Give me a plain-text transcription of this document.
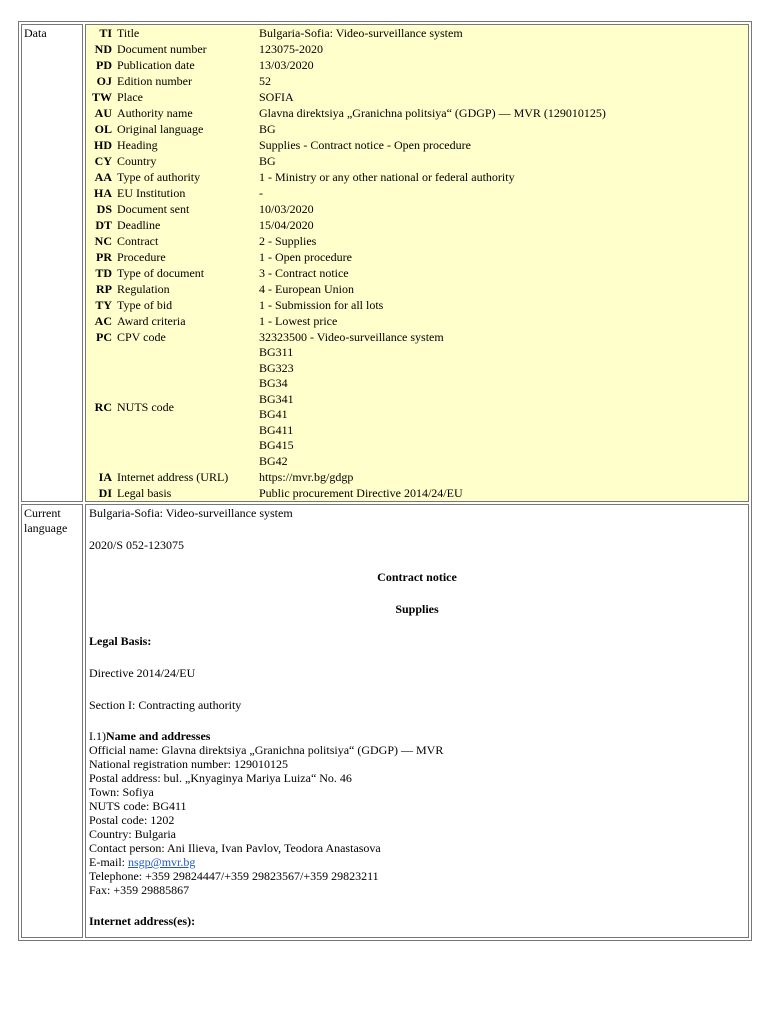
Data		TI	Title	Bulgaria-Sofia: Video-surveillance system
ND	Document number	123075-2020
PD	Publication date	13/03/2020
OJ	Edition number	52
TW	Place	SOFIA
AU	Authority name	Glavna direktsiya „Granichna politsiya“ (GDGP) — MVR (129010125)
OL	Original language	BG
HD	Heading	Supplies - Contract notice - Open procedure
CY	Country	BG
AA	Type of authority	1 - Ministry or any other national or federal authority
HA	EU Institution	-
DS	Document sent	10/03/2020
DT	Deadline	15/04/2020
NC	Contract	2 - Supplies
PR	Procedure	1 - Open procedure
TD	Type of document	3 - Contract notice
RP	Regulation	4 - European Union
TY	Type of bid	1 - Submission for all lots
AC	Award criteria	1 - Lowest price
PC	CPV code	32323500 - Video-surveillance system
RC	NUTS code	
BG311
BG323
BG34
BG341
BG41
BG411
BG415
BG42

IA	Internet address (URL)	https://mvr.bg/gdgp
DI	Legal basis	Public procurement Directive 2014/24/EU

Current language	

Bulgaria-Sofia: Video-surveillance system

2020/S 052-123075

Contract notice

Supplies

Legal Basis:

Directive 2014/24/EU

Section I: Contracting authority

I.1)Name and addresses
Official name: Glavna direktsiya „Granichna politsiya“ (GDGP) — MVR
National registration number: 129010125
Postal address: bul. „Knyaginya Mariya Luiza“ No. 46
Town: Sofiya
NUTS code: BG411
Postal code: 1202
Country: Bulgaria
Contact person: Ani Ilieva, Ivan Pavlov, Teodora Anastasova
E-mail: nsgp@mvr.bg
Telephone: +359 29824447/+359 29823567/+359 29823211
Fax: +359 29885867

Internet address(es):
